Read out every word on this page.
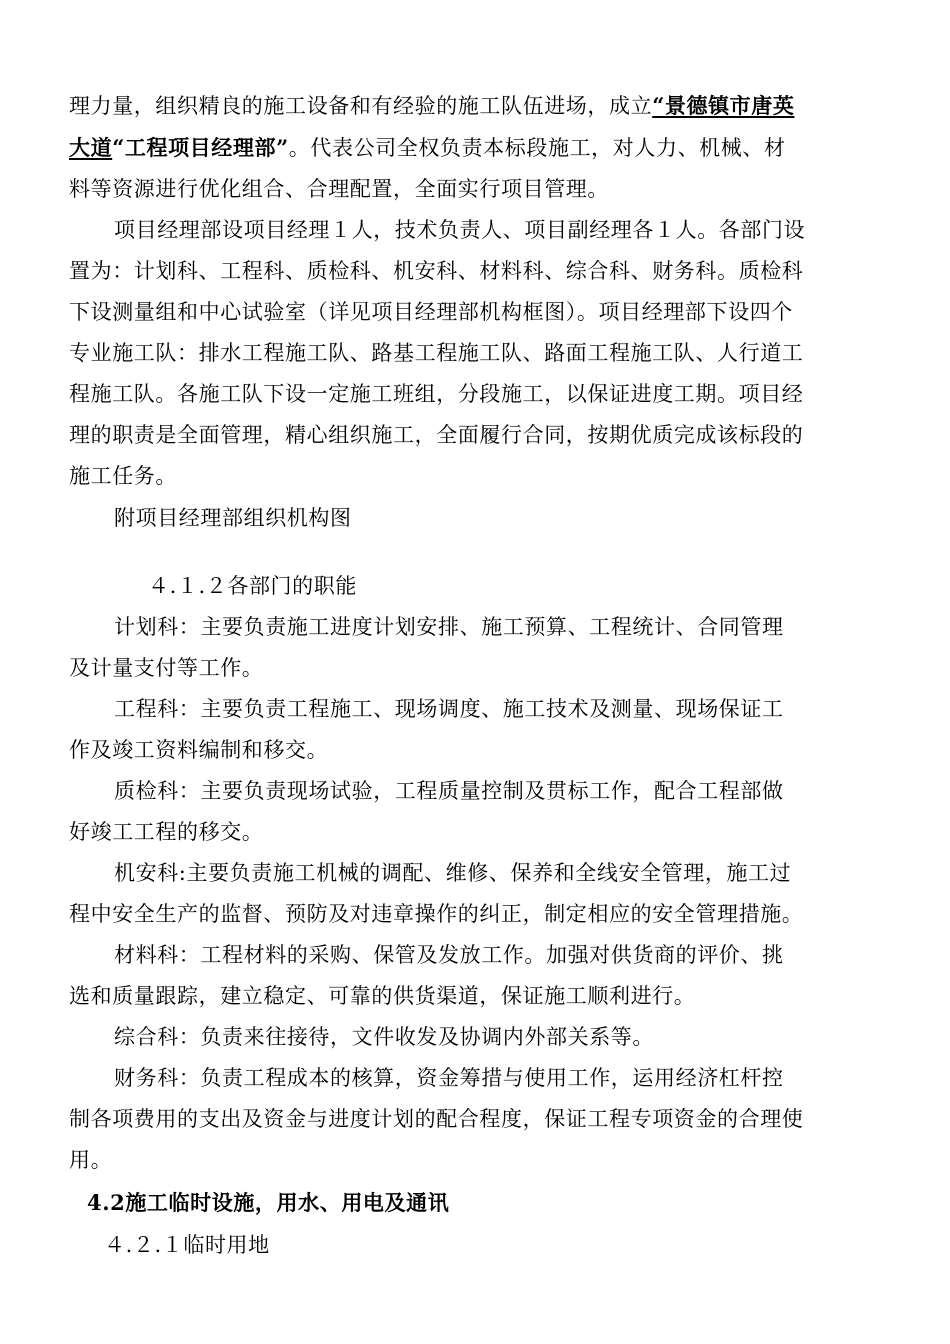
理力量，组织精良的施工设备和有经验的施工队伍进场，成立“景德镇市唐英
大道“工程项目经理部”。代表公司全权负责本标段施工，对人力、机械、材
料等资源进行优化组合、合理配置，全面实行项目管理。
项目经理部设项目经理１人，技术负责人、项目副经理各１人。各部门设
置为：计划科、工程科、质检科、机安科、材料科、综合科、财务科。质检科
下设测量组和中心试验室（详见项目经理部机构框图）。项目经理部下设四个
专业施工队：排水工程施工队、路基工程施工队、路面工程施工队、人行道工
程施工队。各施工队下设一定施工班组，分段施工，以保证进度工期。项目经
理的职责是全面管理，精心组织施工，全面履行合同，按期优质完成该标段的
施工任务。
附项目经理部组织机构图
４.１.２各部门的职能
计划科：主要负责施工进度计划安排、施工预算、工程统计、合同管理
及计量支付等工作。
工程科：主要负责工程施工、现场调度、施工技术及测量、现场保证工
作及竣工资料编制和移交。
质检科：主要负责现场试验，工程质量控制及贯标工作，配合工程部做
好竣工工程的移交。
机安科:主要负责施工机械的调配、维修、保养和全线安全管理，施工过
程中安全生产的监督、预防及对违章操作的纠正，制定相应的安全管理措施。
材料科：工程材料的采购、保管及发放工作。加强对供货商的评价、挑
选和质量跟踪，建立稳定、可靠的供货渠道，保证施工顺利进行。
综合科：负责来往接待，文件收发及协调内外部关系等。
财务科：负责工程成本的核算，资金筹措与使用工作，运用经济杠杆控
制各项费用的支出及资金与进度计划的配合程度，保证工程专项资金的合理使
用。
4.2施工临时设施，用水、用电及通讯
４.２.１临时用地
